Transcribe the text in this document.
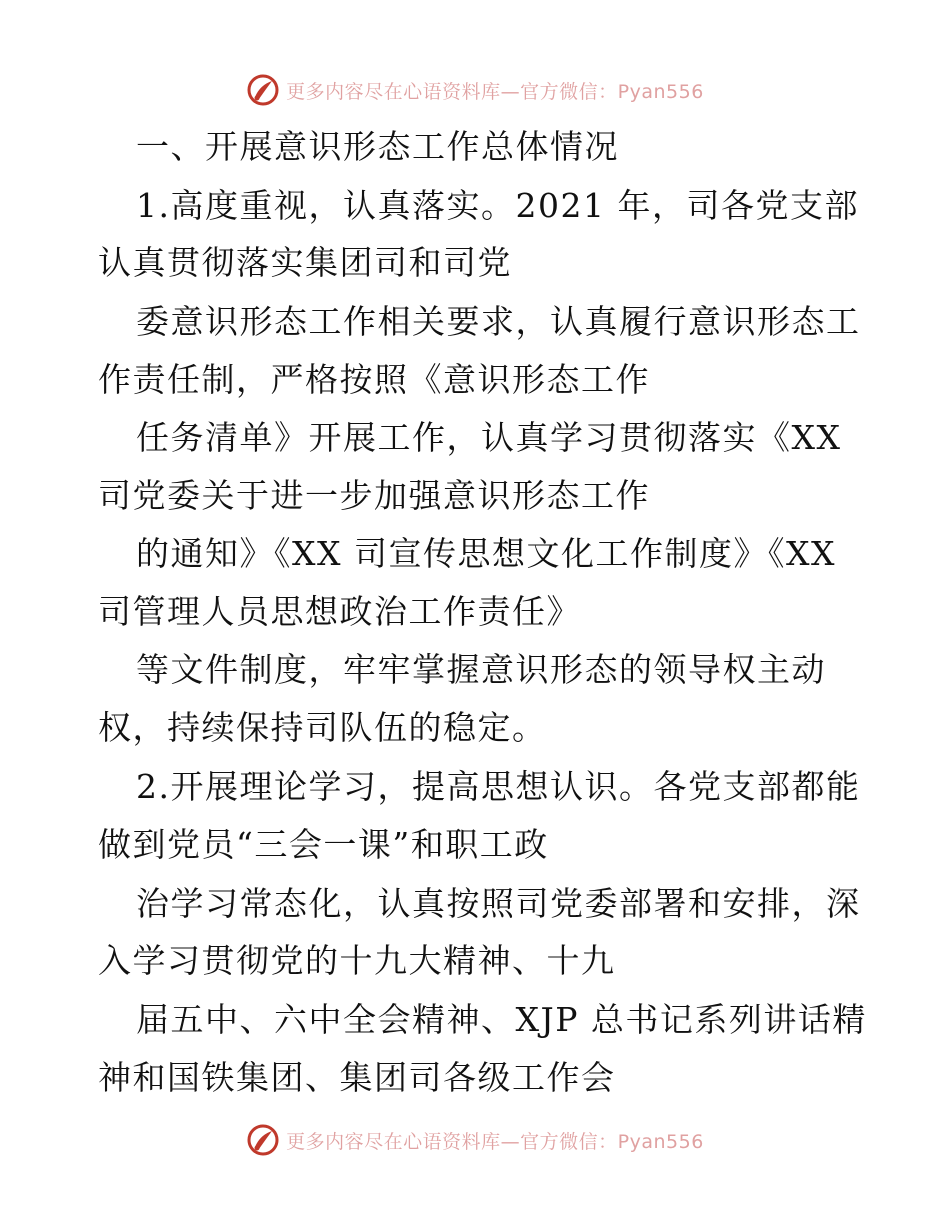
更多内容尽在心语资料库—官方微信：Pyan556
一、开展意识形态工作总体情况
1.高度重视，认真落实。2021 年，司各党支部
认真贯彻落实集团司和司党
委意识形态工作相关要求，认真履行意识形态工
作责任制，严格按照《意识形态工作
任务清单》开展工作，认真学习贯彻落实《XX
司党委关于进一步加强意识形态工作
的通知》《XX 司宣传思想文化工作制度》《XX
司管理人员思想政治工作责任》
等文件制度，牢牢掌握意识形态的领导权主动
权，持续保持司队伍的稳定。
2.开展理论学习，提高思想认识。各党支部都能
做到党员“三会一课”和职工政
治学习常态化，认真按照司党委部署和安排，深
入学习贯彻党的十九大精神、十九
届五中、六中全会精神、XJP 总书记系列讲话精
神和国铁集团、集团司各级工作会
更多内容尽在心语资料库—官方微信：Pyan556
